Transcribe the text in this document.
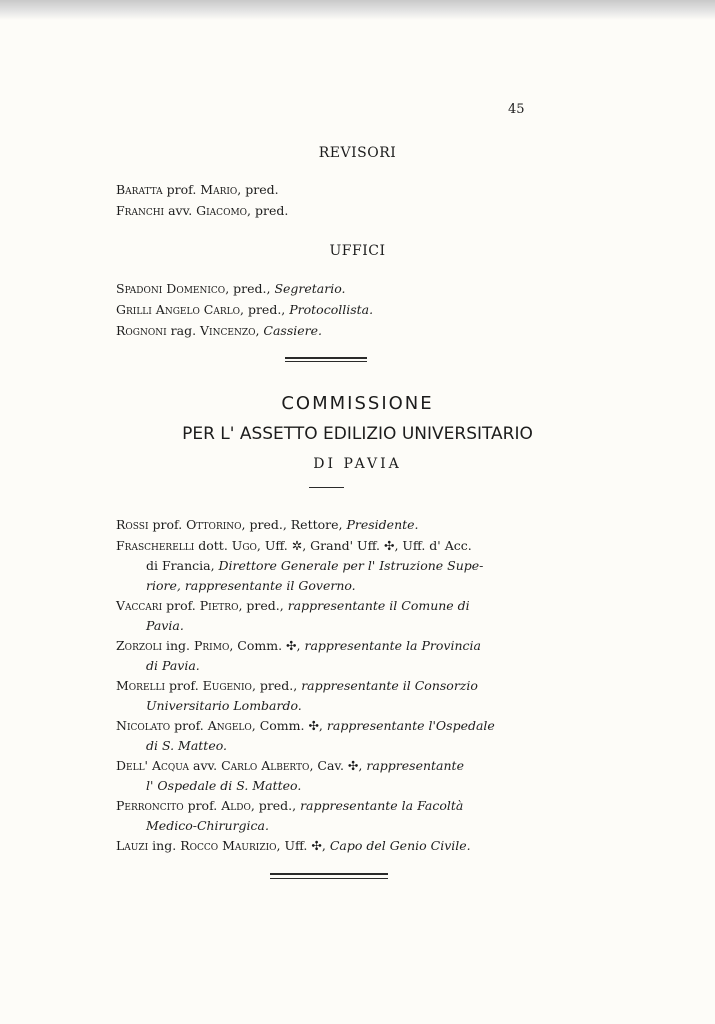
45
REVISORI
Baratta prof. Mario, pred.
Franchi avv. Giacomo, pred.
UFFICI
Spadoni Domenico, pred., Segretario.
Grilli Angelo Carlo, pred., Protocollista.
Rognoni rag. Vincenzo, Cassiere.
COMMISSIONE
PER L' ASSETTO EDILIZIO UNIVERSITARIO
DI PAVIA
Rossi prof. Ottorino, pred., Rettore, Presidente.
Frascherelli dott. Ugo, Uff. ✲, Grand' Uff. ✣, Uff. d' Acc.
di Francia, Direttore Generale per l' Istruzione Supe-
riore, rappresentante il Governo.
Vaccari prof. Pietro, pred., rappresentante il Comune di
Pavia.
Zorzoli ing. Primo, Comm. ✣, rappresentante la Provincia
di Pavia.
Morelli prof. Eugenio, pred., rappresentante il Consorzio
Universitario Lombardo.
Nicolato prof. Angelo, Comm. ✣, rappresentante l'Ospedale
di S. Matteo.
Dell' Acqua avv. Carlo Alberto, Cav. ✣, rappresentante
l' Ospedale di S. Matteo.
Perroncito prof. Aldo, pred., rappresentante la Facoltà
Medico-Chirurgica.
Lauzi ing. Rocco Maurizio, Uff. ✣, Capo del Genio Civile.
